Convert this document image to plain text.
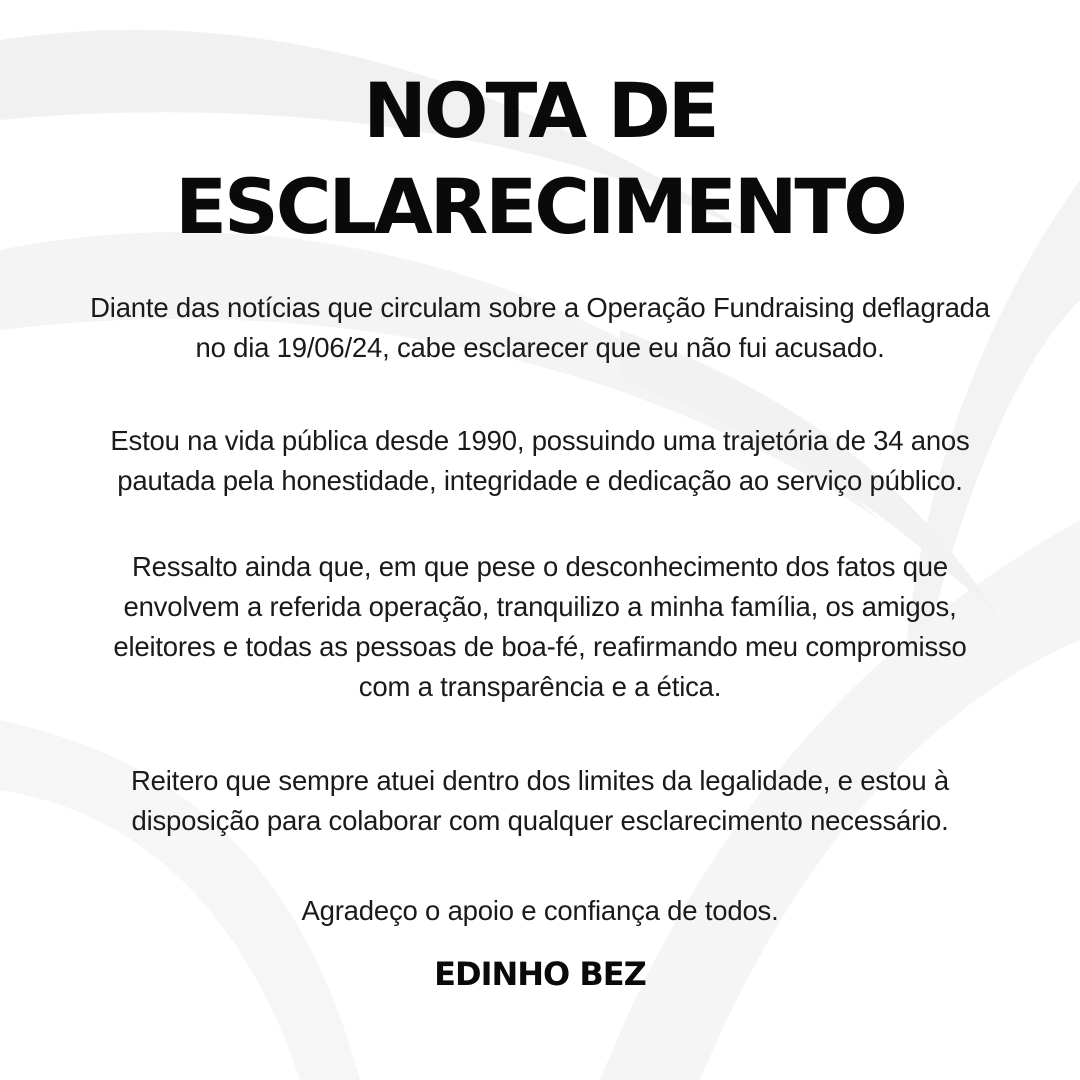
NOTA DE
ESCLARECIMENTO
Diante das notícias que circulam sobre a Operação Fundraising deflagrada
no dia 19/06/24, cabe esclarecer que eu não fui acusado.
Estou na vida pública desde 1990, possuindo uma trajetória de 34 anos
pautada pela honestidade, integridade e dedicação ao serviço público.
Ressalto ainda que, em que pese o desconhecimento dos fatos que
envolvem a referida operação, tranquilizo a minha família, os amigos,
eleitores e todas as pessoas de boa-fé, reafirmando meu compromisso
com a transparência e a ética.
Reitero que sempre atuei dentro dos limites da legalidade, e estou à
disposição para colaborar com qualquer esclarecimento necessário.
Agradeço o apoio e confiança de todos.
EDINHO BEZ
